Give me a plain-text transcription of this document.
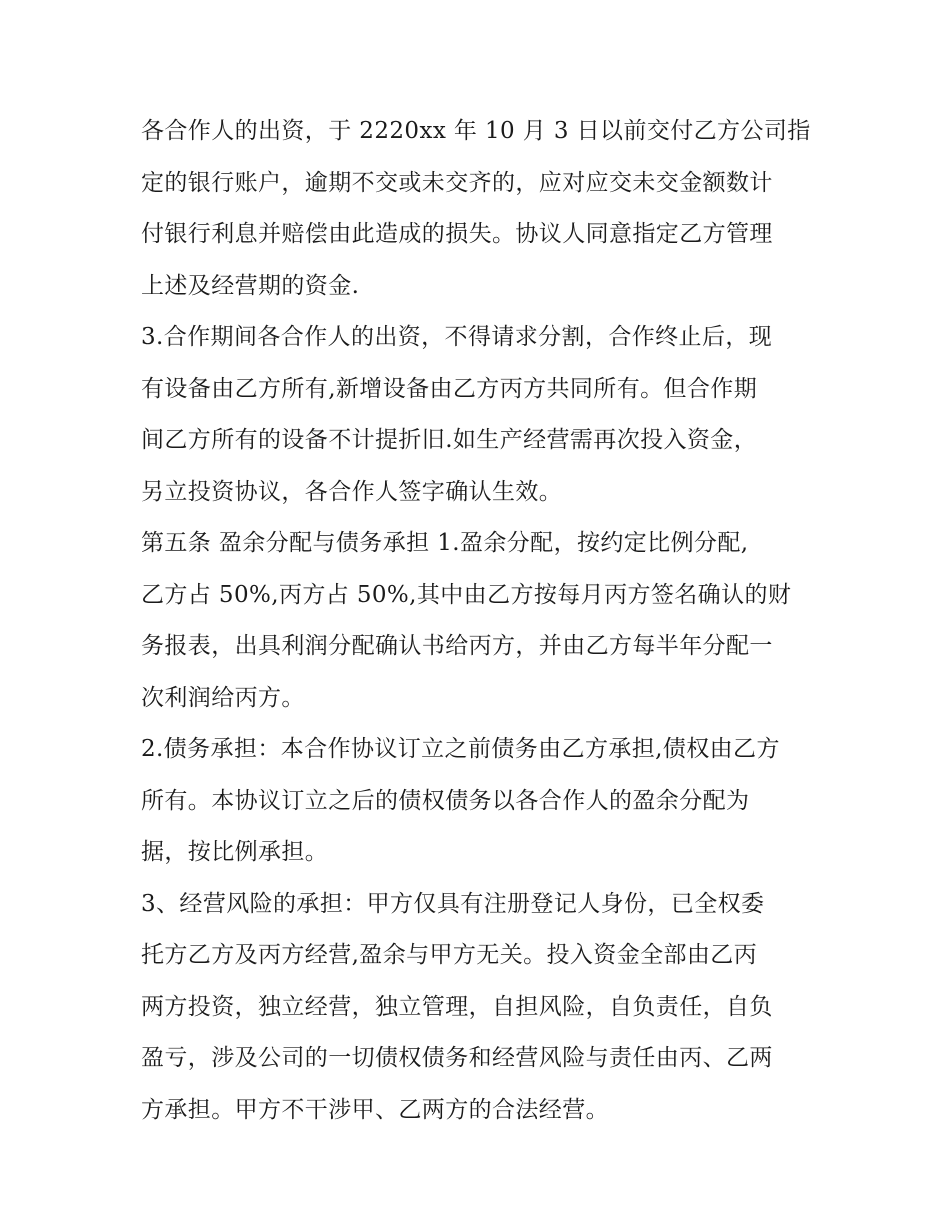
各合作人的出资，于 2220xx 年 10 月 3 日以前交付乙方公司指
定的银行账户，逾期不交或未交齐的，应对应交未交金额数计
付银行利息并赔偿由此造成的损失。协议人同意指定乙方管理
上述及经营期的资金.
3.合作期间各合作人的出资，不得请求分割，合作终止后，现
有设备由乙方所有,新增设备由乙方丙方共同所有。但合作期
间乙方所有的设备不计提折旧.如生产经营需再次投入资金，
另立投资协议，各合作人签字确认生效。
第五条 盈余分配与债务承担 1.盈余分配，按约定比例分配,
乙方占 50%,丙方占 50%,其中由乙方按每月丙方签名确认的财
务报表，出具利润分配确认书给丙方，并由乙方每半年分配一
次利润给丙方。
2.债务承担：本合作协议订立之前债务由乙方承担,债权由乙方
所有。本协议订立之后的债权债务以各合作人的盈余分配为
据，按比例承担。
3、经营风险的承担：甲方仅具有注册登记人身份，已全权委
托方乙方及丙方经营,盈余与甲方无关。投入资金全部由乙丙
两方投资，独立经营，独立管理，自担风险，自负责任，自负
盈亏，涉及公司的一切债权债务和经营风险与责任由丙、乙两
方承担。甲方不干涉甲、乙两方的合法经营。
